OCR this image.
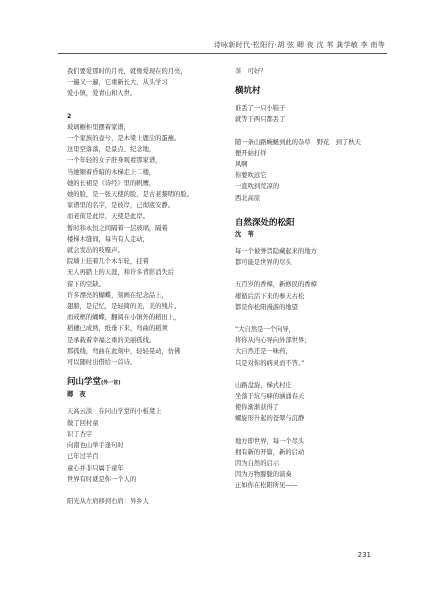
诗咏新时代·松阳行·胡 弦 卿 夜 沈 苇 龚学敏 李 南等
我们要爱那时的月亮，就像爱现在的月亮，
一遍又一遍，它重新长大，从头学习
爱小镇，爱青山和人世。
2
玻璃橱柜里摆着家谱，
一个家族的壶兮，是木梁上鹿尘的蛋蘸。
这里空落落，是景点、纪念地，
一个年轻的女子肝身观看那家谱，
当她顺着昏暗的木梯走上二楼，
她的长裙是《诗经》里的帆鹰，
她的脸，是一张天使的脸，是古老黎明的脸。
家谱里的名字，是彼岸，已彻底安静。
而老街是此岸，天使是此岸。
暂时和永恒之间隔着一层玻璃，隔着
楼梯木缝间，每当有人走动，
就会发出的吱嘎声。
院墙上挂着几个木车轮，挂着
无人再踏上的天涯，和许多背影消失后
留下的空缺。
许多漂亮的蝴蝶，刻画在纪念品上，
翅膀，是记忆，是轻简的美，美的残片。
而戒框的蝴蝶，翻阅在小镇外的稻田上，
稻穗已成熟，纸垂下来，弯曲的稻须
是承载着幸福之重的美丽孤线。
那孤线，弯曲在此刻中，轻轻晃动，仿佛
可以随时出借给一首诗。
问山学堂(外一首)
卿 夜
天高云淡　在问山学堂的小板凳上
做了回村童
识了杏字
向南也山举手逢句时
已年过半百
童心并非只属于童年
世界有时就是你一个人的
阳光从左肩移到右肩：异乡人
茶　可好？
横坑村
谁丢了一只小鞋子
就等于两只都丢了
随一条山路蜿蜒到此的杂草　野花　到了秋天
便开始打烊
风啊
你要吹远它
一直吹到荒凉的
西北高原
自然深处的松阳
沈 苇
每一个被誉旨隐藏起来的地方
都可能是世界的尽头
五百岁的香樟，新修民的香樟
瘗循后活下来的参天古松
都是你松阳漫游的地望
“大自然是一个向导，
将你从内心导向外部世界；
大自然还是一味药，
只是对你的病灵而不答。”
山路盘旋，梯式村庄
坐落于坑与峰的涵涌春天
使你渐渐获得了
螺旋形升起的苍翠与沉静
地方即世界，每一个尽头
拥有新的开篇，新的启动
因为自然的启示
因为万物朦胧的演奏
正如你在松阳所见——
231
